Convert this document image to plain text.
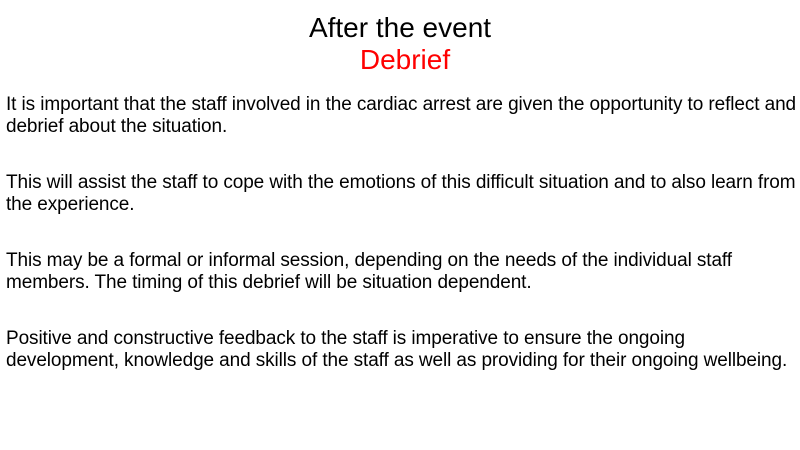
After the event
Debrief

It is important that the staff involved in the cardiac arrest are given the opportunity to reflect and debrief about the situation.

This will assist the staff to cope with the emotions of this difficult situation and to also learn from the experience.

This may be a formal or informal session, depending on the needs of the individual staff members. The timing of this debrief will be situation dependent.

Positive and constructive feedback to the staff is imperative to ensure the ongoing development, knowledge and skills of the staff as well as providing for their ongoing wellbeing.
